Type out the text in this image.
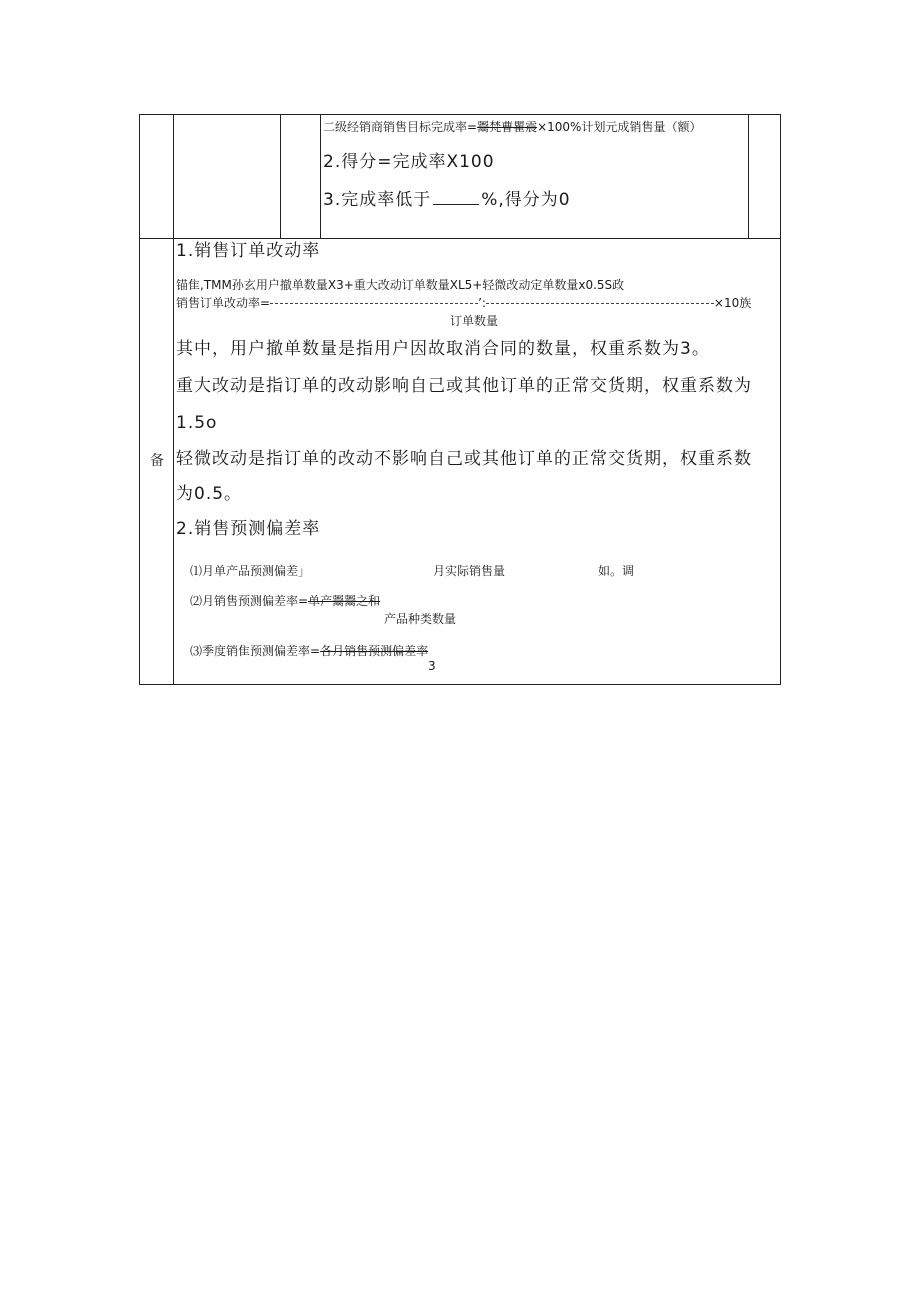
二级经销商销售目标完成率=鬻梵曹瞿震×100%计划元成销售量（额）
2.得分=完成率X100
3.完成率低于	%,得分为0
备
1.销售订单改动率
锚隹,TMM孙玄用户撤单数量X3+重大改动订单数量XL5+轻微改动定单数量x0.5S政
销售订单改动率=	’:	×10族
订单数量
其中，用户撤单数量是指用户因故取消合同的数量，权重系数为3。
重大改动是指订单的改动影响自己或其他订单的正常交货期，权重系数为
1.5o
轻微改动是指订单的改动不影响自己或其他订单的正常交货期，权重系数
为0.5。
2.销售预测偏差率
⑴月单产品预测偏差」	月实际销售量	如。调
⑵月销售预测偏差率=单产鬻鬻之和
产品种类数量
⑶季度销隹预测偏差率=各月销售预测偏差率
3
